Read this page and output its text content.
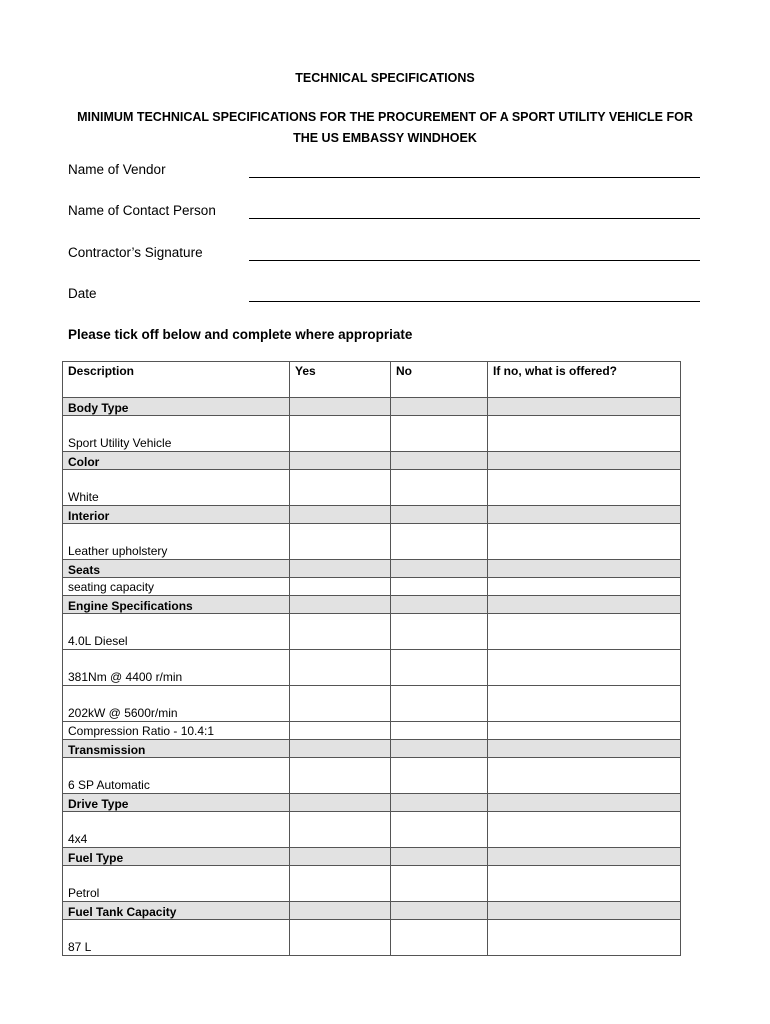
TECHNICAL SPECIFICATIONS
MINIMUM TECHNICAL SPECIFICATIONS FOR THE PROCUREMENT OF A SPORT UTILITY VEHICLE FOR
THE US EMBASSY WINDHOEK
Name of Vendor
Name of Contact Person
Contractor’s Signature
Date
Please tick off below and complete where appropriate
Description	Yes	No	If no, what is offered?
Body Type			
Sport Utility Vehicle			
Color			
White			
Interior			
Leather upholstery			
Seats			
seating capacity			
Engine Specifications			
4.0L Diesel			
381Nm @ 4400 r/min			
202kW @ 5600r/min			
Compression Ratio - 10.4:1			
Transmission			
6 SP Automatic			
Drive Type			
4x4			
Fuel Type			
Petrol			
Fuel Tank Capacity			
87 L			
